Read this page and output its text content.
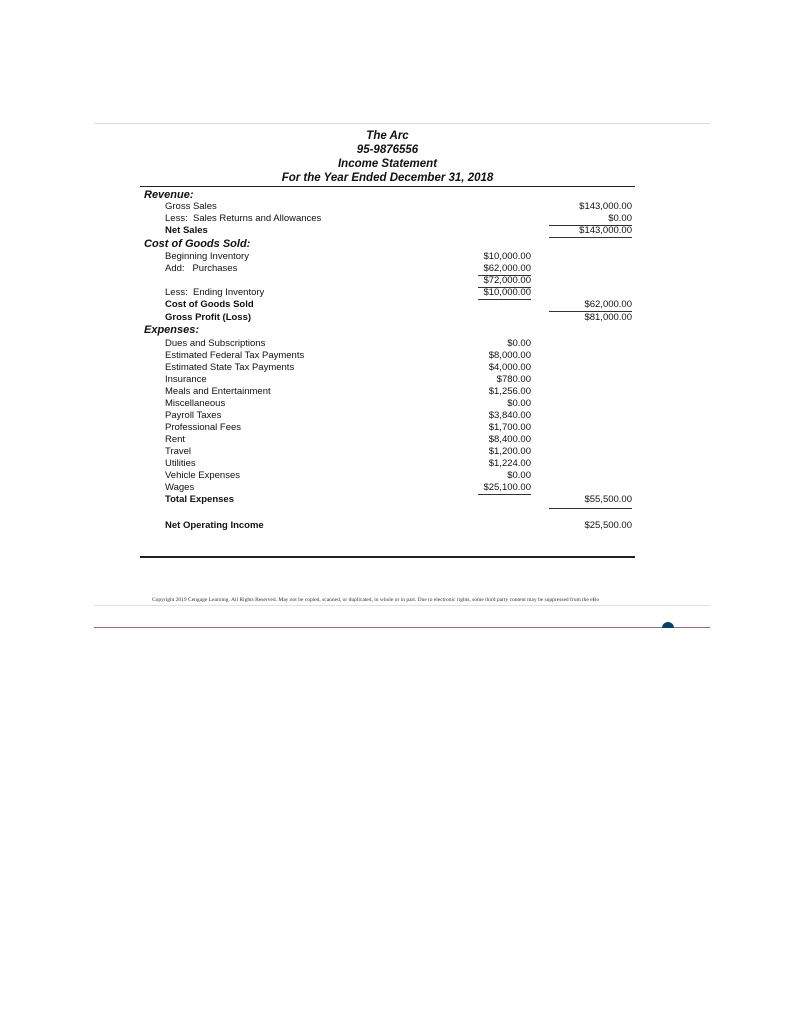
The Arc
95-9876556
Income Statement
For the Year Ended December 31, 2018
Revenue:
Gross Sales	$143,000.00
Less:  Sales Returns and Allowances	$0.00
Net Sales	$143,000.00
Cost of Goods Sold:
Beginning Inventory	$10,000.00
Add:   Purchases	$62,000.00
$72,000.00
Less:  Ending Inventory	$10,000.00
Cost of Goods Sold	$62,000.00
Gross Profit (Loss)	$81,000.00
Expenses:
Dues and Subscriptions	$0.00
Estimated Federal Tax Payments	$8,000.00
Estimated State Tax Payments	$4,000.00
Insurance	$780.00
Meals and Entertainment	$1,256.00
Miscellaneous	$0.00
Payroll Taxes	$3,840.00
Professional Fees	$1,700.00
Rent	$8,400.00
Travel	$1,200.00
Utilities	$1,224.00
Vehicle Expenses	$0.00
Wages	$25,100.00
Total Expenses	$55,500.00
Net Operating Income	$25,500.00
Copyright 2019 Cengage Learning. All Rights Reserved. May not be copied, scanned, or duplicated, in whole or in part. Due to electronic rights, some third party content may be suppressed from the eBo
